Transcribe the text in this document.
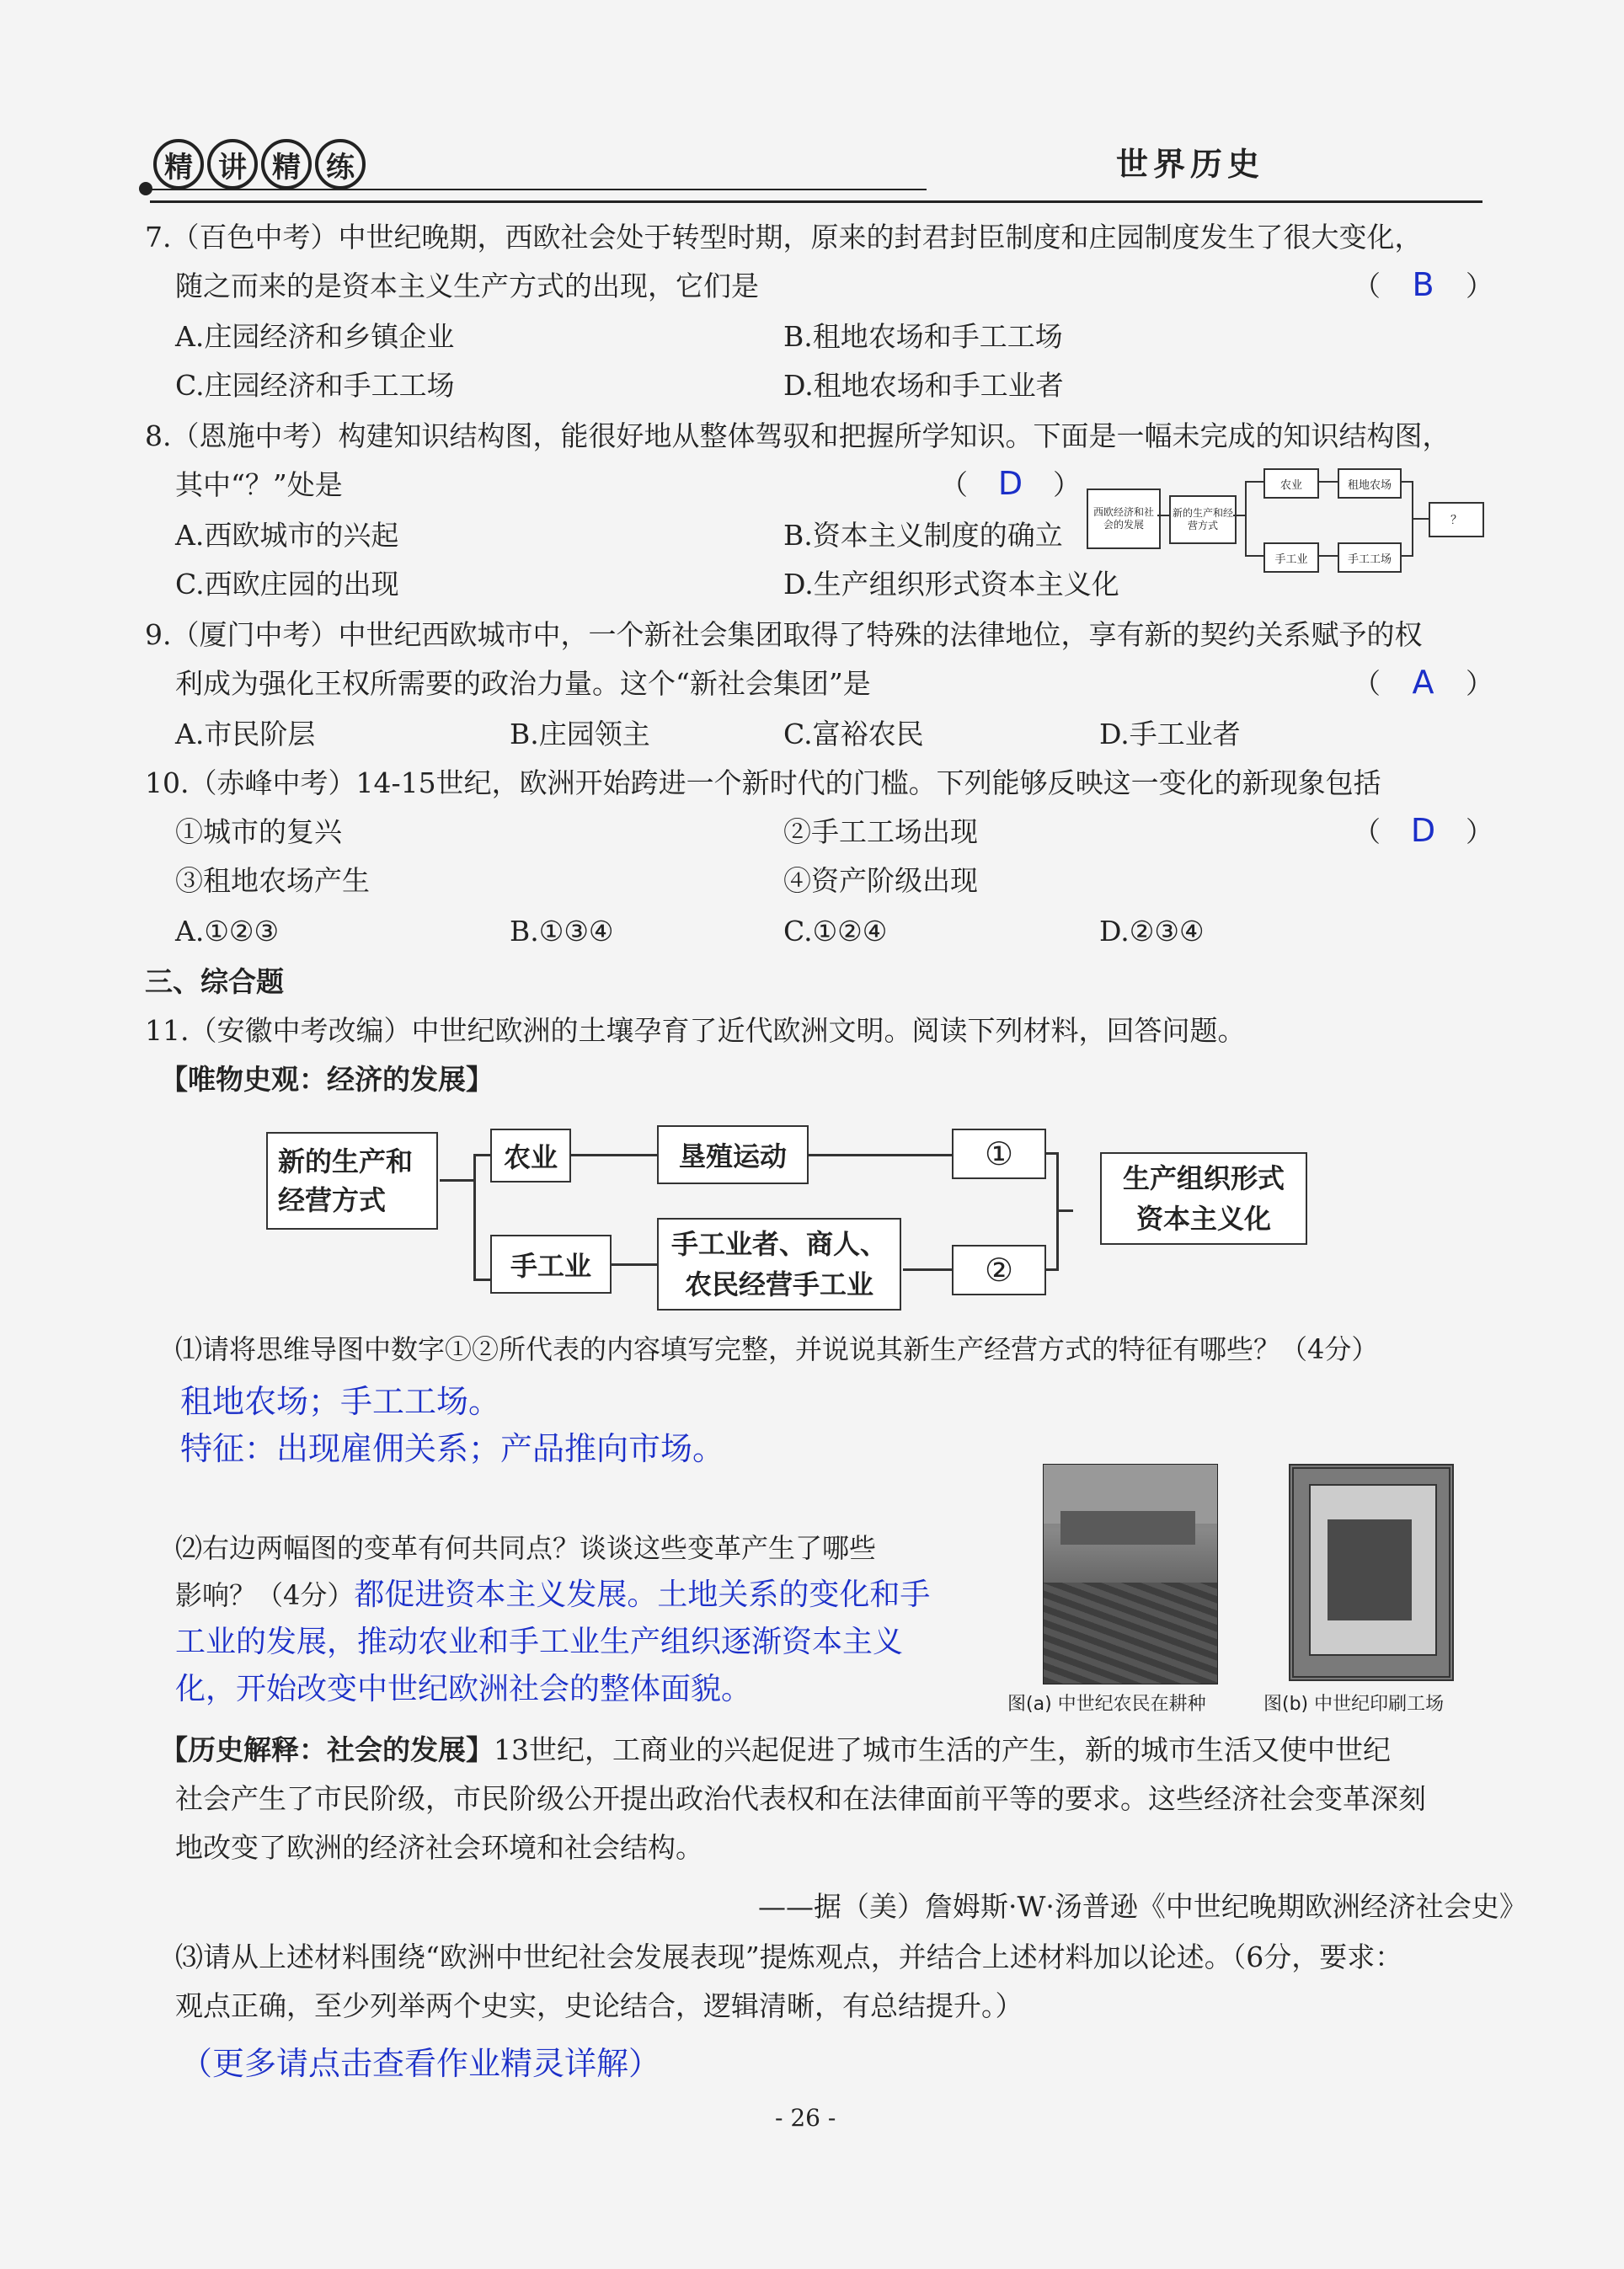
精 讲 精 练	世界历史
7.（百色中考）中世纪晚期，西欧社会处于转型时期，原来的封君封臣制度和庄园制度发生了很大变化，
随之而来的是资本主义生产方式的出现，它们是	（ B ）
A.庄园经济和乡镇企业	B.租地农场和手工工场
C.庄园经济和手工工场	D.租地农场和手工业者
8.（恩施中考）构建知识结构图，能很好地从整体驾驭和把握所学知识。下面是一幅未完成的知识结构图，
其中“？”处是	（ D ）
A.西欧城市的兴起	B.资本主义制度的确立
C.西欧庄园的出现	D.生产组织形式资本主义化
西欧经济和社会的发展
新的生产和经营方式
农业	租地农场
手工业	手工工场
？
9.（厦门中考）中世纪西欧城市中，一个新社会集团取得了特殊的法律地位，享有新的契约关系赋予的权
利成为强化王权所需要的政治力量。这个“新社会集团”是	（ A ）
A.市民阶层	B.庄园领主	C.富裕农民	D.手工业者
10.（赤峰中考）14-15世纪，欧洲开始跨进一个新时代的门槛。下列能够反映这一变化的新现象包括
①城市的复兴	②手工工场出现	（ D ）
③租地农场产生	④资产阶级出现
A.①②③	B.①③④	C.①②④	D.②③④
三、综合题
11.（安徽中考改编）中世纪欧洲的土壤孕育了近代欧洲文明。阅读下列材料，回答问题。
【唯物史观：经济的发展】
新的生产和
经营方式
农业	垦殖运动	①
手工业
手工业者、商人、
农民经营手工业	②
生产组织形式
资本主义化
⑴请将思维导图中数字①②所代表的内容填写完整，并说说其新生产经营方式的特征有哪些？（4分）
租地农场；手工工场。
特征：出现雇佣关系；产品推向市场。
⑵右边两幅图的变革有何共同点？谈谈这些变革产生了哪些
影响？（4分）都促进资本主义发展。土地关系的变化和手
工业的发展，推动农业和手工业生产组织逐渐资本主义
化，开始改变中世纪欧洲社会的整体面貌。	图(a) 中世纪农民在耕种	图(b) 中世纪印刷工场
【历史解释：社会的发展】13世纪，工商业的兴起促进了城市生活的产生，新的城市生活又使中世纪
社会产生了市民阶级，市民阶级公开提出政治代表权和在法律面前平等的要求。这些经济社会变革深刻
地改变了欧洲的经济社会环境和社会结构。
——据（美）詹姆斯·W·汤普逊《中世纪晚期欧洲经济社会史》
⑶请从上述材料围绕“欧洲中世纪社会发展表现”提炼观点，并结合上述材料加以论述。（6分，要求：
观点正确，至少列举两个史实，史论结合，逻辑清晰，有总结提升。）
（更多请点击查看作业精灵详解）
- 26 -
